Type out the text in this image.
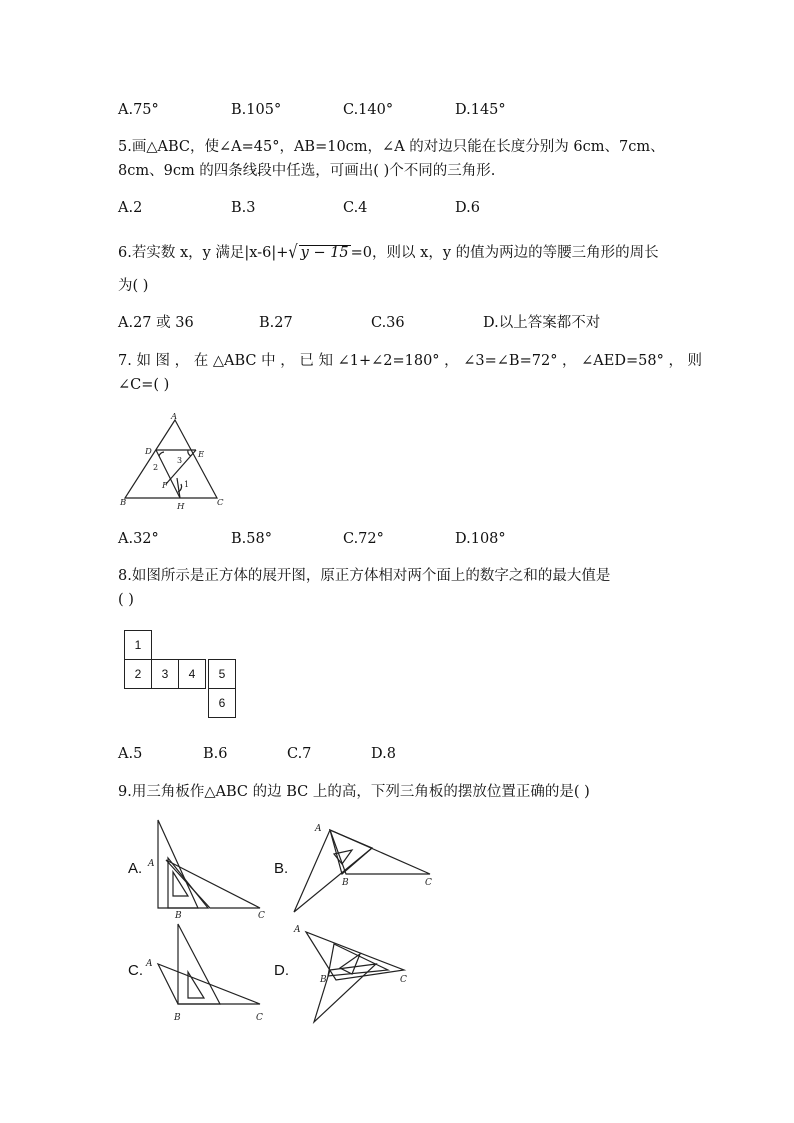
A.75°	B.105°	C.140°	D.145°
5.画△ABC，使∠A=45°，AB=10cm，∠A 的对边只能在长度分别为 6cm、7cm、
8cm、9cm 的四条线段中任选，可画出( )个不同的三角形.
A.2	B.3	C.4	D.6
6.若实数 x，y 满足|x-6|+√ y − 15 =0，则以 x，y 的值为两边的等腰三角形的周长
为( )
A.27 或 36	B.27	C.36	D.以上答案都不对
7. 如 图 ， 在 △ABC 中 ， 已 知 ∠1+∠2=180° ， ∠3=∠B=72° ， ∠AED=58° ， 则
∠C=( )
A
B	C
D	E
F
H
2
3
1
A.32°	B.58°	C.72°	D.108°
8.如图所示是正方体的展开图，原正方体相对两个面上的数字之和的最大值是
( )
1
2	3	4	5
6
A.5	B.6	C.7	D.8
9.用三角板作△ABC 的边 BC 上的高，下列三角板的摆放位置正确的是( )
A. A
B	C
B.
A
B	C
C. A
B	C
D.
A
B	C
